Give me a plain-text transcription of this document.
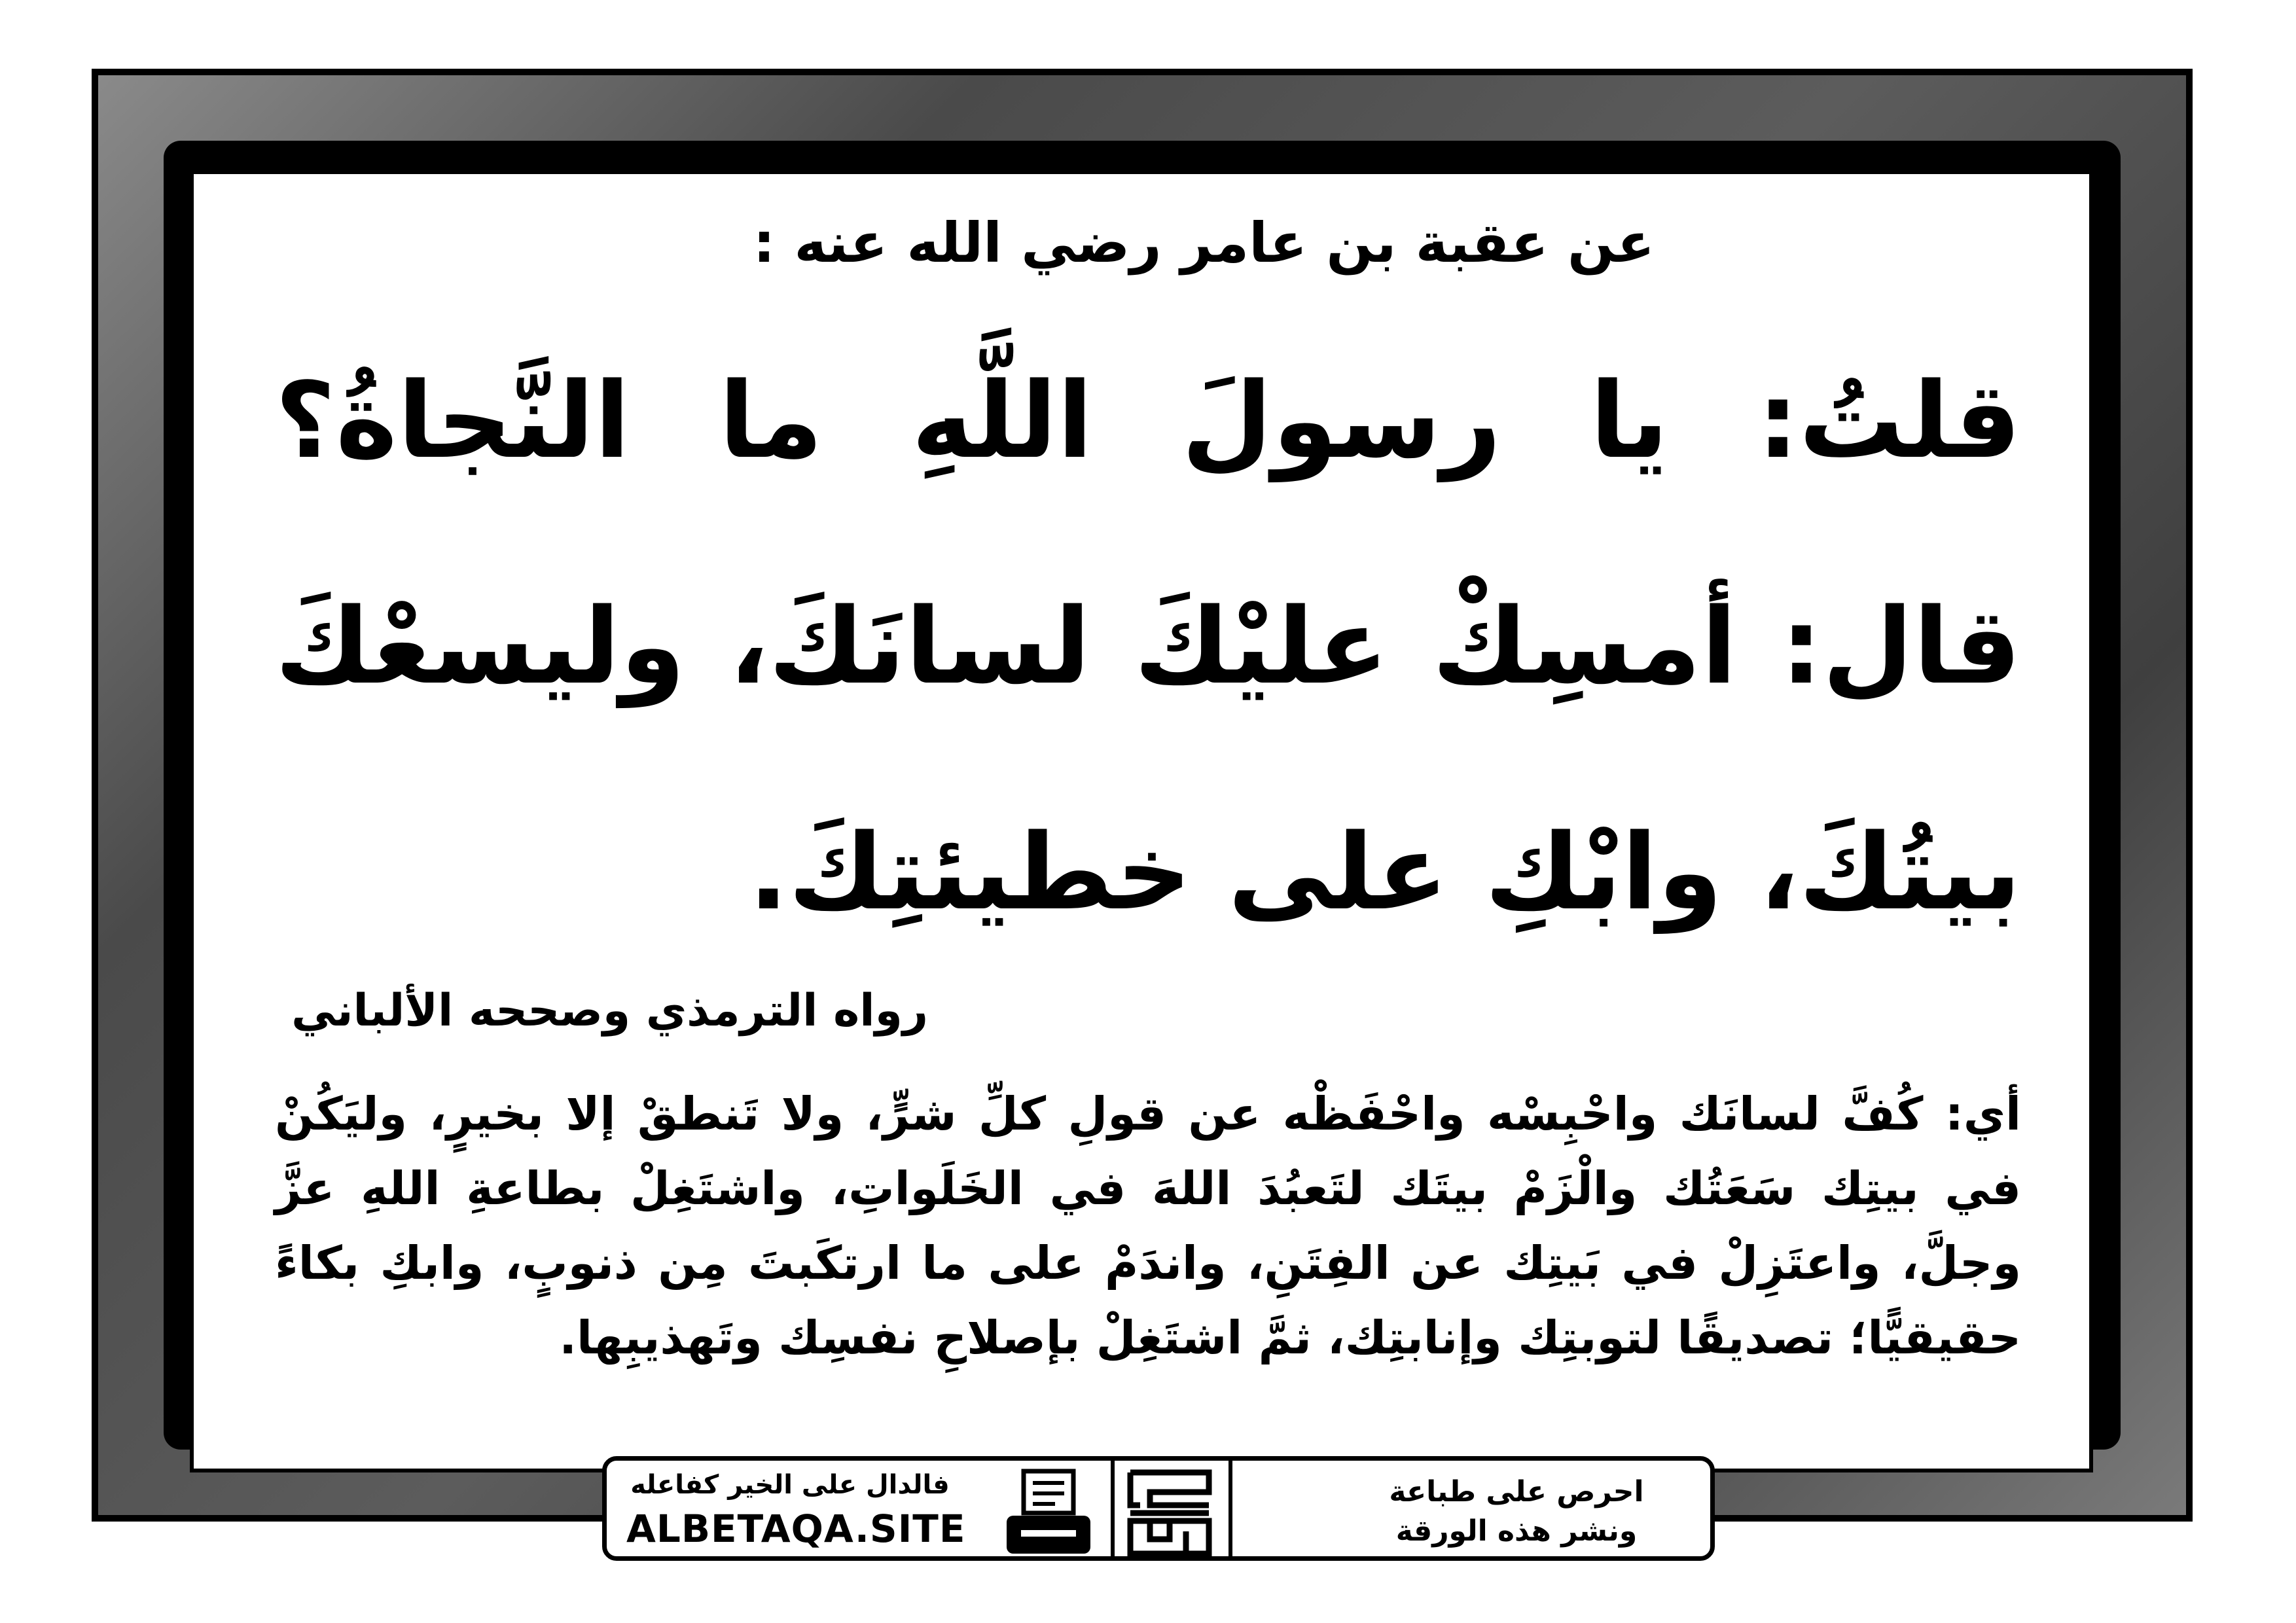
عن عقبة بن عامر رضي الله عنه :
قلتُ: يا رسولَ اللَّهِ ما النَّجاةُ؟ قال: أمسِكْ عليْكَ لسانَكَ، وليسعْكَ بيتُكَ، وابْكِ على خطيئتِكَ.
رواه الترمذي وصححه الألباني
أي: كُفَّ لسانَك واحْبِسْه واحْفَظْه عن قولِ كلِّ شرٍّ، ولا تَنطقْ إلا بخيرٍ، وليَكُنْ في بيتِك سَعَتُك والْزَمْ بيتَك لتَعبُدَ اللهَ في الخَلَواتِ، واشتَغِلْ بطاعةِ اللهِ عزَّ وجلَّ، واعتَزِلْ في بَيتِك عن الفِتَنِ، واندَمْ على ما ارتكَبتَ مِن ذنوبٍ، وابكِ بكاءً حقيقيًّا؛ تصديقًا لتوبتِك وإنابتِك، ثمَّ اشتَغِلْ بإصلاحِ نفسِك وتَهذيبِها.
فالدال على الخير كفاعله
ALBETAQA.SITE
دعوية الورقة
احرص على طباعة
ونشر هذه الورقة
